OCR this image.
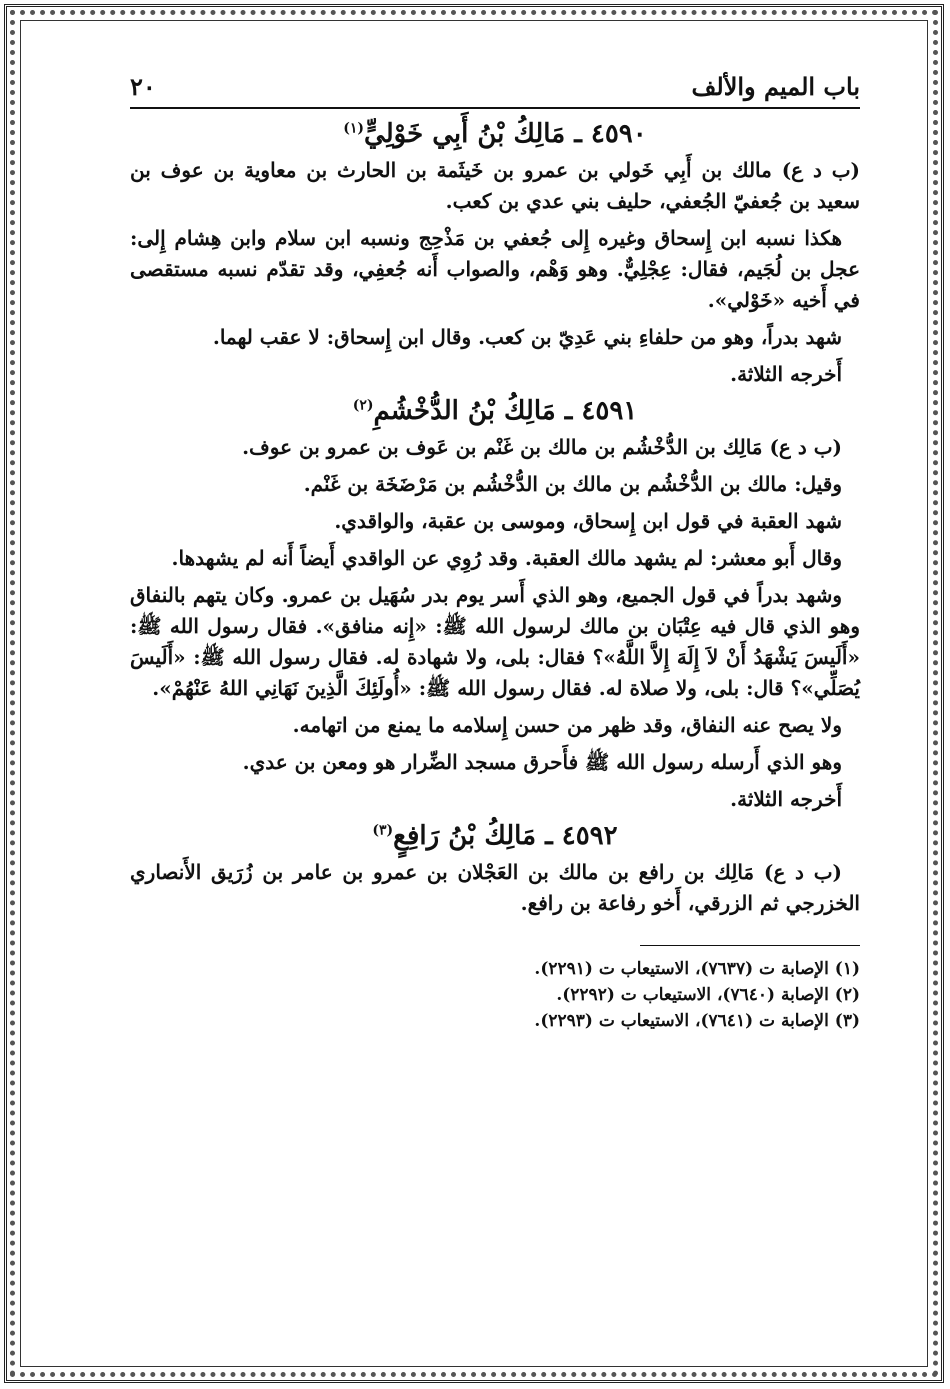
باب الميم والألف
٢٠
٤٥٩٠ ـ مَالِكُ بْنُ أَبِي خَوْلِيٍّ$^{(١)}$

(ب د ع) مالك بن أَبِي خَولي بن عمرو بن خَيثَمة بن الحارث بن معاوية بن عوف بن سعيد بن جُعفيّ الجُعفي، حليف بني عدي بن كعب.

هكذا نسبه ابن إِسحاق وغيره إِلى جُعفي بن مَذْحِج ونسبه ابن سلام وابن هِشام إِلى: عجل بن لُجَيم، فقال: عِجْلِيٌّ. وهو وَهْم، والصواب أَنه جُعفِي، وقد تقدّم نسبه مستقصى في أَخيه «خَوْلي».

شهد بدراً، وهو من حلفاءِ بني عَدِيّ بن كعب. وقال ابن إِسحاق: لا عقب لهما.

أَخرجه الثلاثة.

٤٥٩١ ـ مَالِكُ بْنُ الدُّخْشُمِ$^{(٢)}$

(ب د ع) مَالِك بن الدُّخْشُم بن مالك بن غَنْم بن عَوف بن عمرو بن عوف.

وقيل: مالك بن الدُّخْشُم بن مالك بن الدُّخْشُم بن مَرْضَخَة بن غَنْم.

شهد العقبة في قول ابن إِسحاق، وموسى بن عقبة، والواقدي.

وقال أَبو معشر: لم يشهد مالك العقبة. وقد رُوِي عن الواقدي أَيضاً أَنه لم يشهدها.

وشهد بدراً في قول الجميع، وهو الذي أَسر يوم بدر سُهَيل بن عمرو. وكان يتهم بالنفاق وهو الذي قال فيه عِتْبَان بن مالك لرسول الله ﷺ: «إِنه منافق». فقال رسول الله ﷺ: «أَلَيسَ يَشْهَدُ أَنْ لاَ إِلَهَ إِلاَّ اللَّهُ»؟ فقال: بلى، ولا شهادة له. فقال رسول الله ﷺ: «أَلَيسَ يُصَلِّي»؟ قال: بلى، ولا صلاة له. فقال رسول الله ﷺ: «أُولَئِكَ الَّذِينَ نَهَانِي اللهُ عَنْهُمْ».

ولا يصح عنه النفاق، وقد ظهر من حسن إِسلامه ما يمنع من اتهامه.

وهو الذي أَرسله رسول الله ﷺ فأَحرق مسجد الضِّرار هو ومعن بن عدي.

أَخرجه الثلاثة.

٤٥٩٢ ـ مَالِكُ بْنُ رَافِعٍ$^{(٣)}$

(ب د ع) مَالِك بن رافع بن مالك بن العَجْلان بن عمرو بن عامر بن زُرَيق الأَنصاري الخزرجي ثم الزرقي، أَخو رفاعة بن رافع.

(١) الإصابة ت (٧٦٣٧)، الاستيعاب ت (٢٢٩١).

(٢) الإصابة (٧٦٤٠)، الاستيعاب ت (٢٢٩٢).

(٣) الإصابة ت (٧٦٤١)، الاستيعاب ت (٢٢٩٣).
